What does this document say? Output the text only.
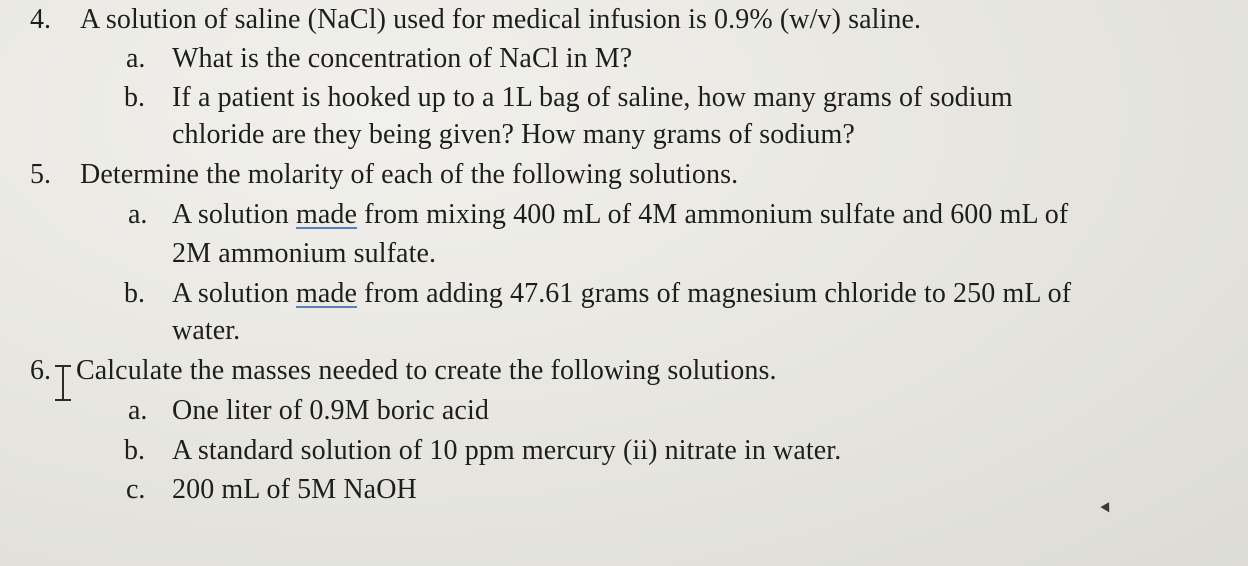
4. A solution of saline (NaCl) used for medical infusion is 0.9% (w/v) saline.
a. What is the concentration of NaCl in M?
b. If a patient is hooked up to a 1L bag of saline, how many grams of sodium
chloride are they being given? How many grams of sodium?
5. Determine the molarity of each of the following solutions.
a. A solution made from mixing 400 mL of 4M ammonium sulfate and 600 mL of
2M ammonium sulfate.
b. A solution made from adding 47.61 grams of magnesium chloride to 250 mL of
water.
6. Calculate the masses needed to create the following solutions.
a. One liter of 0.9M boric acid
b. A standard solution of 10 ppm mercury (ii) nitrate in water.
c. 200 mL of 5M NaOH
